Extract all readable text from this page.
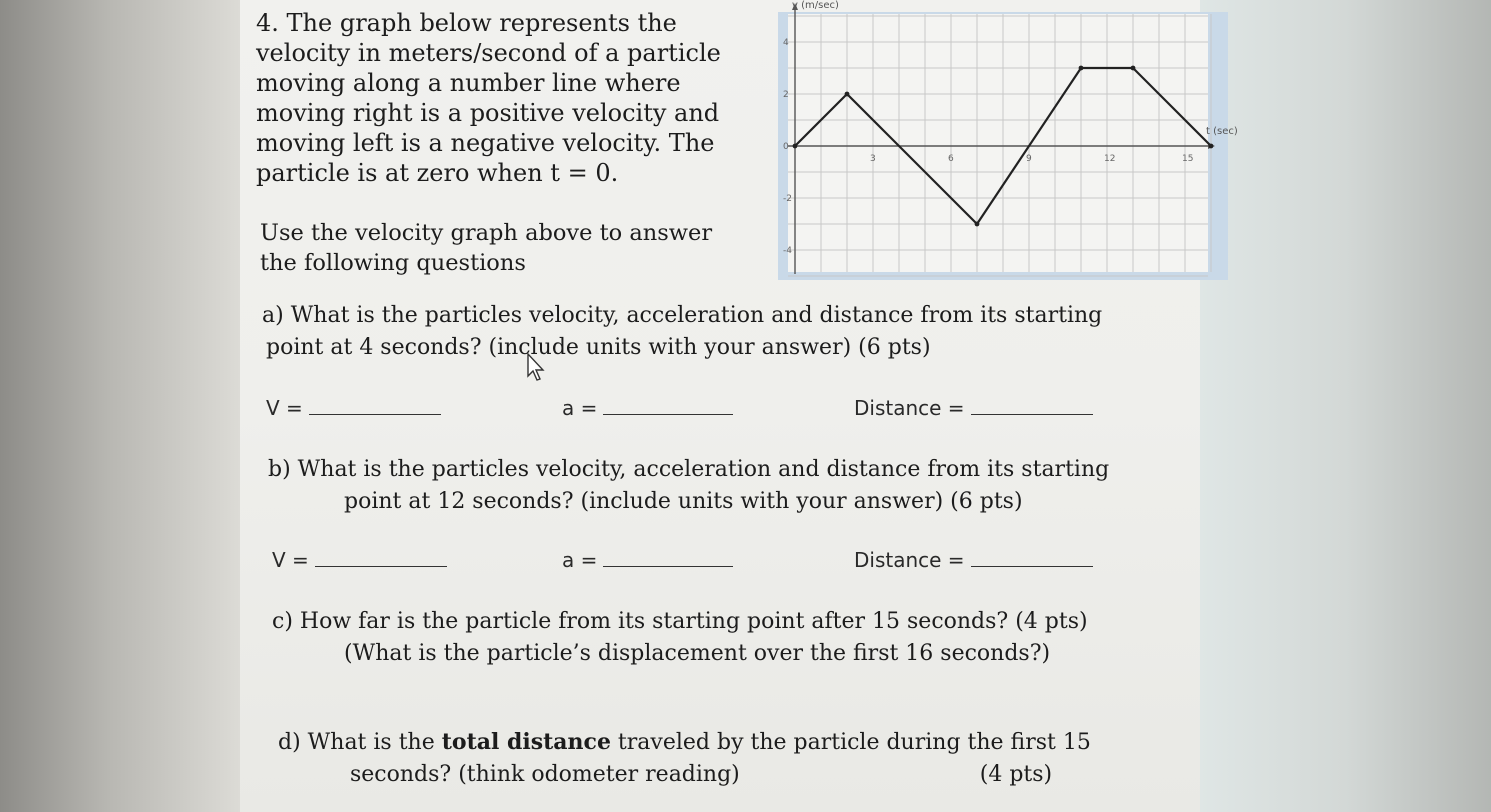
4. The graph below represents the
velocity in meters/second of a particle
moving along a number line where
moving right is a positive velocity and
moving left is a negative velocity. The
particle is at zero when t = 0.
Use the velocity graph above to answer
the following questions
3	6	9	12	15
4
2
0
-2
-4
v (m/sec)
t (sec)
a) What is the particles velocity, acceleration and distance from its starting
point at 4 seconds? (include units with your answer) (6 pts)
V =	a =	Distance =
b) What is the particles velocity, acceleration and distance from its starting
point at 12 seconds? (include units with your answer) (6 pts)
V =	a =	Distance =
c) How far is the particle from its starting point after 15 seconds? (4 pts)
(What is the particle’s displacement over the first 16 seconds?)
d) What is the total distance traveled by the particle during the first 15
seconds? (think odometer reading)	(4 pts)
